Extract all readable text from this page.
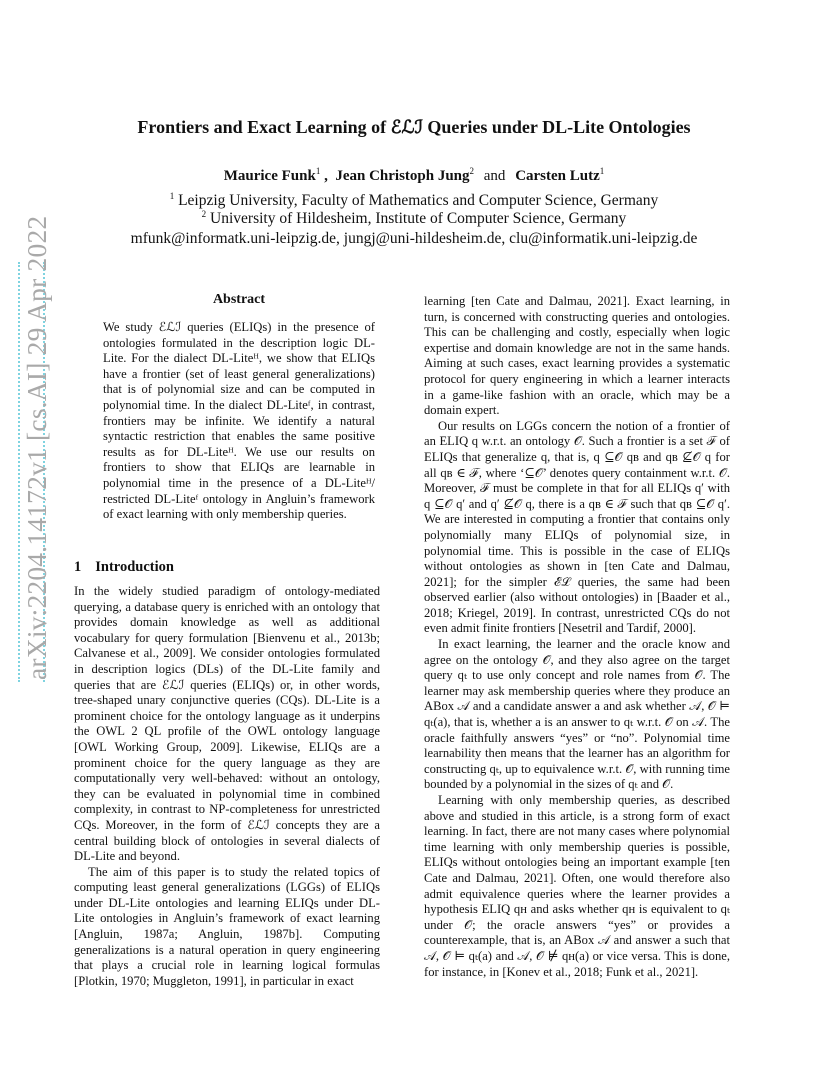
arXiv:2204.14172v1 [cs.AI] 29 Apr 2022
Frontiers and Exact Learning of ℰℒℐ Queries under DL-Lite Ontologies
Maurice Funk$^1$ ,  Jean Christoph Jung$^2$ and Carsten Lutz$^1$
$^1$ Leipzig University, Faculty of Mathematics and Computer Science, Germany
$^2$ University of Hildesheim, Institute of Computer Science, Germany
mfunk@informatk.uni-leipzig.de, jungj@uni-hildesheim.de, clu@informatik.uni-leipzig.de
Abstract
We study ℰℒℐ queries (ELIQs) in the presence of ontologies formulated in the description logic DL-Lite. For the dialect DL-Liteᴴ, we show that ELIQs have a frontier (set of least general generalizations) that is of polynomial size and can be computed in polynomial time. In the dialect DL-Liteᶠ, in contrast, frontiers may be infinite. We identify a natural syntactic restriction that enables the same positive results as for DL-Liteᴴ. We use our results on frontiers to show that ELIQs are learnable in polynomial time in the presence of a DL-Liteᴴ/ restricted DL-Liteᶠ ontology in Angluin’s framework of exact learning with only membership queries.
1 Introduction

In the widely studied paradigm of ontology-mediated querying, a database query is enriched with an ontology that provides domain knowledge as well as additional vocabulary for query formulation [Bienvenu et al., 2013b; Calvanese et al., 2009]. We consider ontologies formulated in description logics (DLs) of the DL-Lite family and queries that are ℰℒℐ queries (ELIQs) or, in other words, tree-shaped unary conjunctive queries (CQs). DL-Lite is a prominent choice for the ontology language as it underpins the OWL 2 QL profile of the OWL ontology language [OWL Working Group, 2009]. Likewise, ELIQs are a prominent choice for the query language as they are computationally very well-behaved: without an ontology, they can be evaluated in polynomial time in combined complexity, in contrast to NP-completeness for unrestricted CQs. Moreover, in the form of ℰℒℐ concepts they are a central building block of ontologies in several dialects of DL-Lite and beyond.

The aim of this paper is to study the related topics of computing least general generalizations (LGGs) of ELIQs under DL-Lite ontologies and learning ELIQs under DL-Lite ontologies in Angluin’s framework of exact learning [Angluin, 1987a; Angluin, 1987b]. Computing generalizations is a natural operation in query engineering that plays a crucial role in learning logical formulas [Plotkin, 1970; Muggleton, 1991], in particular in exact

learning [ten Cate and Dalmau, 2021]. Exact learning, in turn, is concerned with constructing queries and ontologies. This can be challenging and costly, especially when logic expertise and domain knowledge are not in the same hands. Aiming at such cases, exact learning provides a systematic protocol for query engineering in which a learner interacts in a game-like fashion with an oracle, which may be a domain expert.

Our results on LGGs concern the notion of a frontier of an ELIQ q w.r.t. an ontology 𝒪. Such a frontier is a set ℱ of ELIQs that generalize q, that is, q ⊆𝒪 qʙ and qʙ ⊈𝒪 q for all qʙ ∈ ℱ, where ‘⊆𝒪’ denotes query containment w.r.t. 𝒪. Moreover, ℱ must be complete in that for all ELIQs q′ with q ⊆𝒪 q′ and q′ ⊈𝒪 q, there is a qʙ ∈ ℱ such that qʙ ⊆𝒪 q′. We are interested in computing a frontier that contains only polynomially many ELIQs of polynomial size, in polynomial time. This is possible in the case of ELIQs without ontologies as shown in [ten Cate and Dalmau, 2021]; for the simpler ℰℒ queries, the same had been observed earlier (also without ontologies) in [Baader et al., 2018; Kriegel, 2019]. In contrast, unrestricted CQs do not even admit finite frontiers [Nesetril and Tardif, 2000].

In exact learning, the learner and the oracle know and agree on the ontology 𝒪, and they also agree on the target query qₜ to use only concept and role names from 𝒪. The learner may ask membership queries where they produce an ABox 𝒜 and a candidate answer a and ask whether 𝒜, 𝒪 ⊨ qₜ(a), that is, whether a is an answer to qₜ w.r.t. 𝒪 on 𝒜. The oracle faithfully answers “yes” or “no”. Polynomial time learnability then means that the learner has an algorithm for constructing qₜ, up to equivalence w.r.t. 𝒪, with running time bounded by a polynomial in the sizes of qₜ and 𝒪.

Learning with only membership queries, as described above and studied in this article, is a strong form of exact learning. In fact, there are not many cases where polynomial time learning with only membership queries is possible, ELIQs without ontologies being an important example [ten Cate and Dalmau, 2021]. Often, one would therefore also admit equivalence queries where the learner provides a hypothesis ELIQ qʜ and asks whether qʜ is equivalent to qₜ under 𝒪; the oracle answers “yes” or provides a counterexample, that is, an ABox 𝒜 and answer a such that 𝒜, 𝒪 ⊨ qₜ(a) and 𝒜, 𝒪 ⊭ qʜ(a) or vice versa. This is done, for instance, in [Konev et al., 2018; Funk et al., 2021].
